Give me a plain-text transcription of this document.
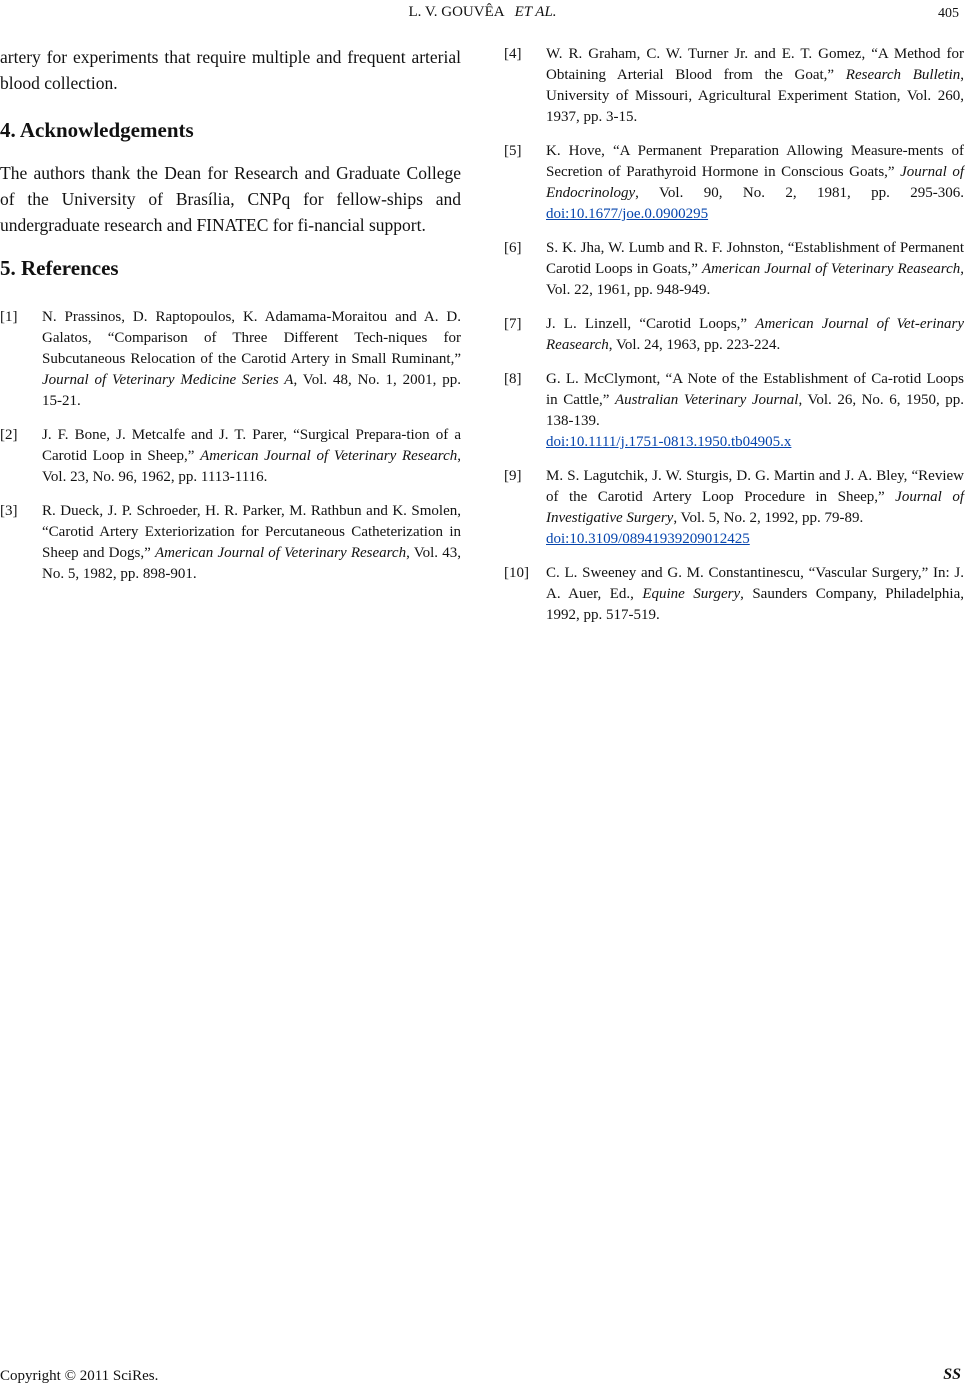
L. V. GOUVÊA ET AL.	405

artery for experiments that require multiple and frequent arterial blood collection.

4. Acknowledgements

The authors thank the Dean for Research and Graduate College of the University of Brasília, CNPq for fellow-ships and undergraduate research and FINATEC for fi-nancial support.

5. References
[1] N. Prassinos, D. Raptopoulos, K. Adamama-Moraitou and A. D. Galatos, “Comparison of Three Different Tech-niques for Subcutaneous Relocation of the Carotid Artery in Small Ruminant,” Journal of Veterinary Medicine Series A, Vol. 48, No. 1, 2001, pp. 15-21.
[2] J. F. Bone, J. Metcalfe and J. T. Parer, “Surgical Prepara-tion of a Carotid Loop in Sheep,” American Journal of Veterinary Research, Vol. 23, No. 96, 1962, pp. 1113-1116.
[3] R. Dueck, J. P. Schroeder, H. R. Parker, M. Rathbun and K. Smolen, “Carotid Artery Exteriorization for Percutaneous Catheterization in Sheep and Dogs,” American Journal of Veterinary Research, Vol. 43, No. 5, 1982, pp. 898-901.
[4] W. R. Graham, C. W. Turner Jr. and E. T. Gomez, “A Method for Obtaining Arterial Blood from the Goat,” Research Bulletin, University of Missouri, Agricultural Experiment Station, Vol. 260, 1937, pp. 3-15.
[5] K. Hove, “A Permanent Preparation Allowing Measure-ments of Secretion of Parathyroid Hormone in Conscious Goats,” Journal of Endocrinology, Vol. 90, No. 2, 1981, pp. 295-306. doi:10.1677/joe.0.0900295
[6] S. K. Jha, W. Lumb and R. F. Johnston, “Establishment of Permanent Carotid Loops in Goats,” American Journal of Veterinary Reasearch, Vol. 22, 1961, pp. 948-949.
[7] J. L. Linzell, “Carotid Loops,” American Journal of Vet-erinary Reasearch, Vol. 24, 1963, pp. 223-224.
[8] G. L. McClymont, “A Note of the Establishment of Ca-rotid Loops in Cattle,” Australian Veterinary Journal, Vol. 26, No. 6, 1950, pp. 138-139.
doi:10.1111/j.1751-0813.1950.tb04905.x
[9] M. S. Lagutchik, J. W. Sturgis, D. G. Martin and J. A. Bley, “Review of the Carotid Artery Loop Procedure in Sheep,” Journal of Investigative Surgery, Vol. 5, No. 2, 1992, pp. 79-89.
doi:10.3109/08941939209012425
[10] C. L. Sweeney and G. M. Constantinescu, “Vascular Surgery,” In: J. A. Auer, Ed., Equine Surgery, Saunders Company, Philadelphia, 1992, pp. 517-519.
Copyright © 2011 SciRes.	SS
